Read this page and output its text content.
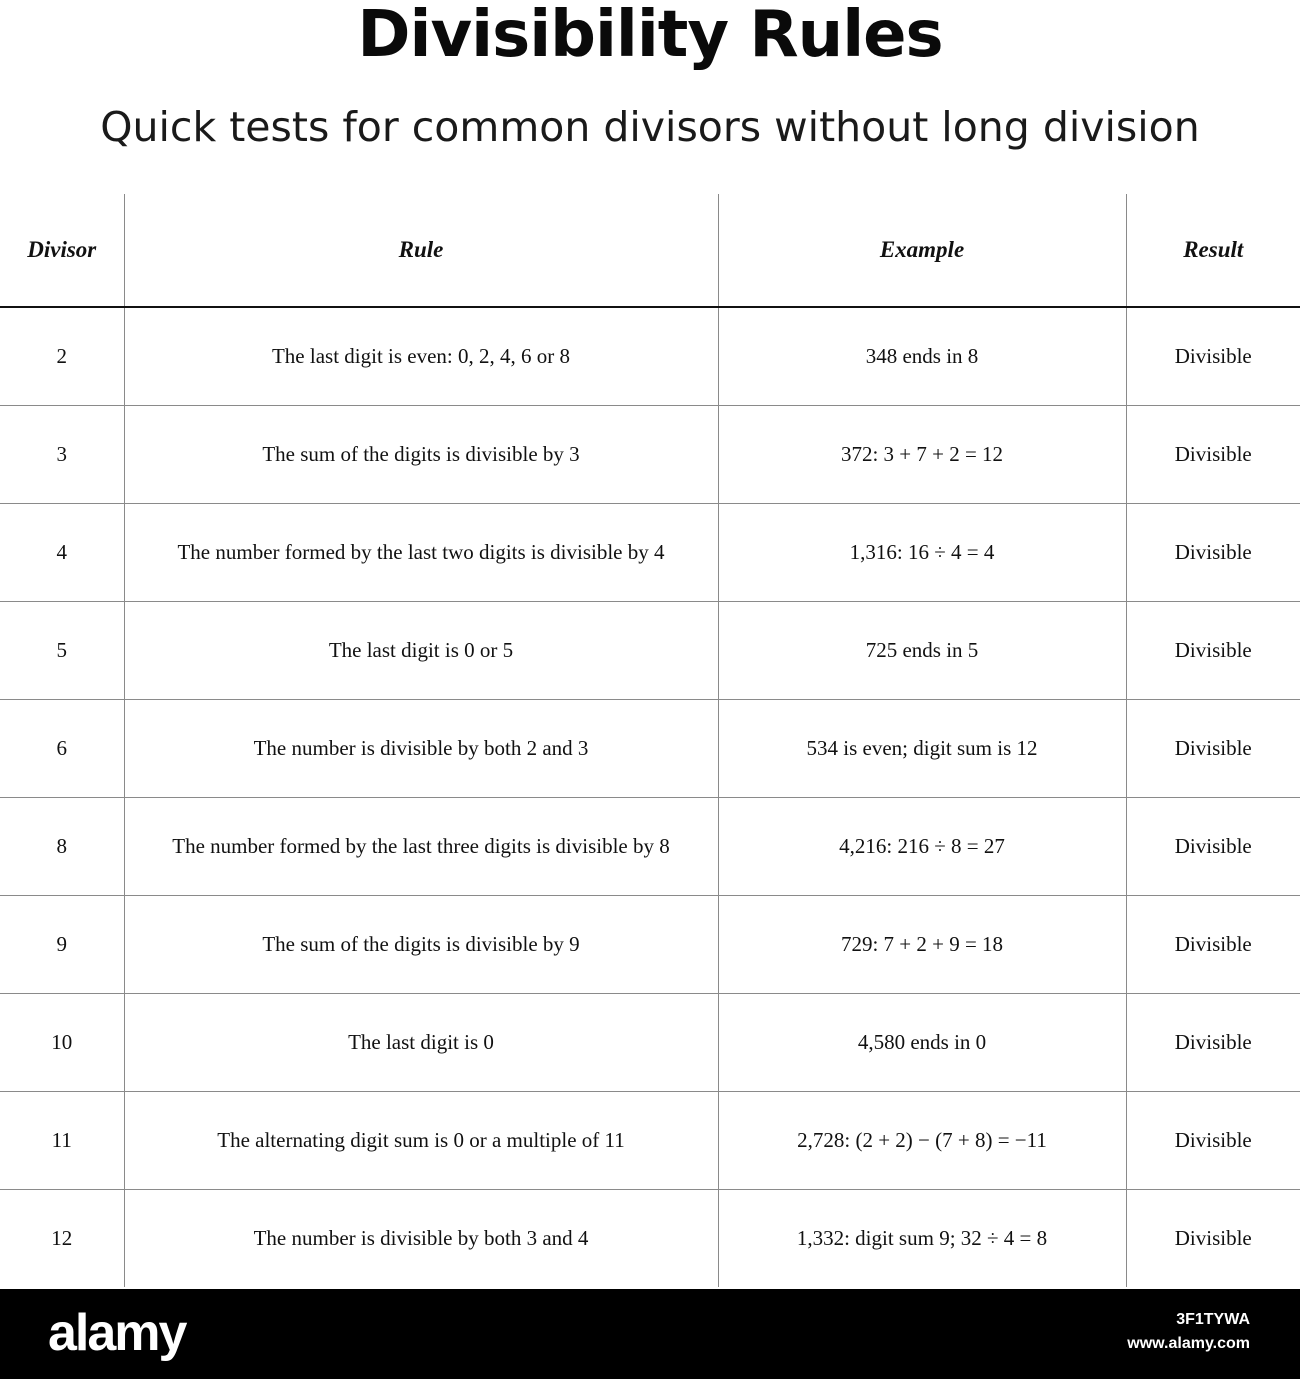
Divisibility Rules
Quick tests for common divisors without long division
Divisor	Rule	Example	Result
2	The last digit is even: 0, 2, 4, 6 or 8	348 ends in 8	Divisible
3	The sum of the digits is divisible by 3	372: 3 + 7 + 2 = 12	Divisible
4	The number formed by the last two digits is divisible by 4	1,316: 16 ÷ 4 = 4	Divisible
5	The last digit is 0 or 5	725 ends in 5	Divisible
6	The number is divisible by both 2 and 3	534 is even; digit sum is 12	Divisible
8	The number formed by the last three digits is divisible by 8	4,216: 216 ÷ 8 = 27	Divisible
9	The sum of the digits is divisible by 9	729: 7 + 2 + 9 = 18	Divisible
10	The last digit is 0	4,580 ends in 0	Divisible
11	The alternating digit sum is 0 or a multiple of 11	2,728: (2 + 2) − (7 + 8) = −11	Divisible
12	The number is divisible by both 3 and 4	1,332: digit sum 9; 32 ÷ 4 = 8	Divisible
alamy	3F1TYWA
www.alamy.com
